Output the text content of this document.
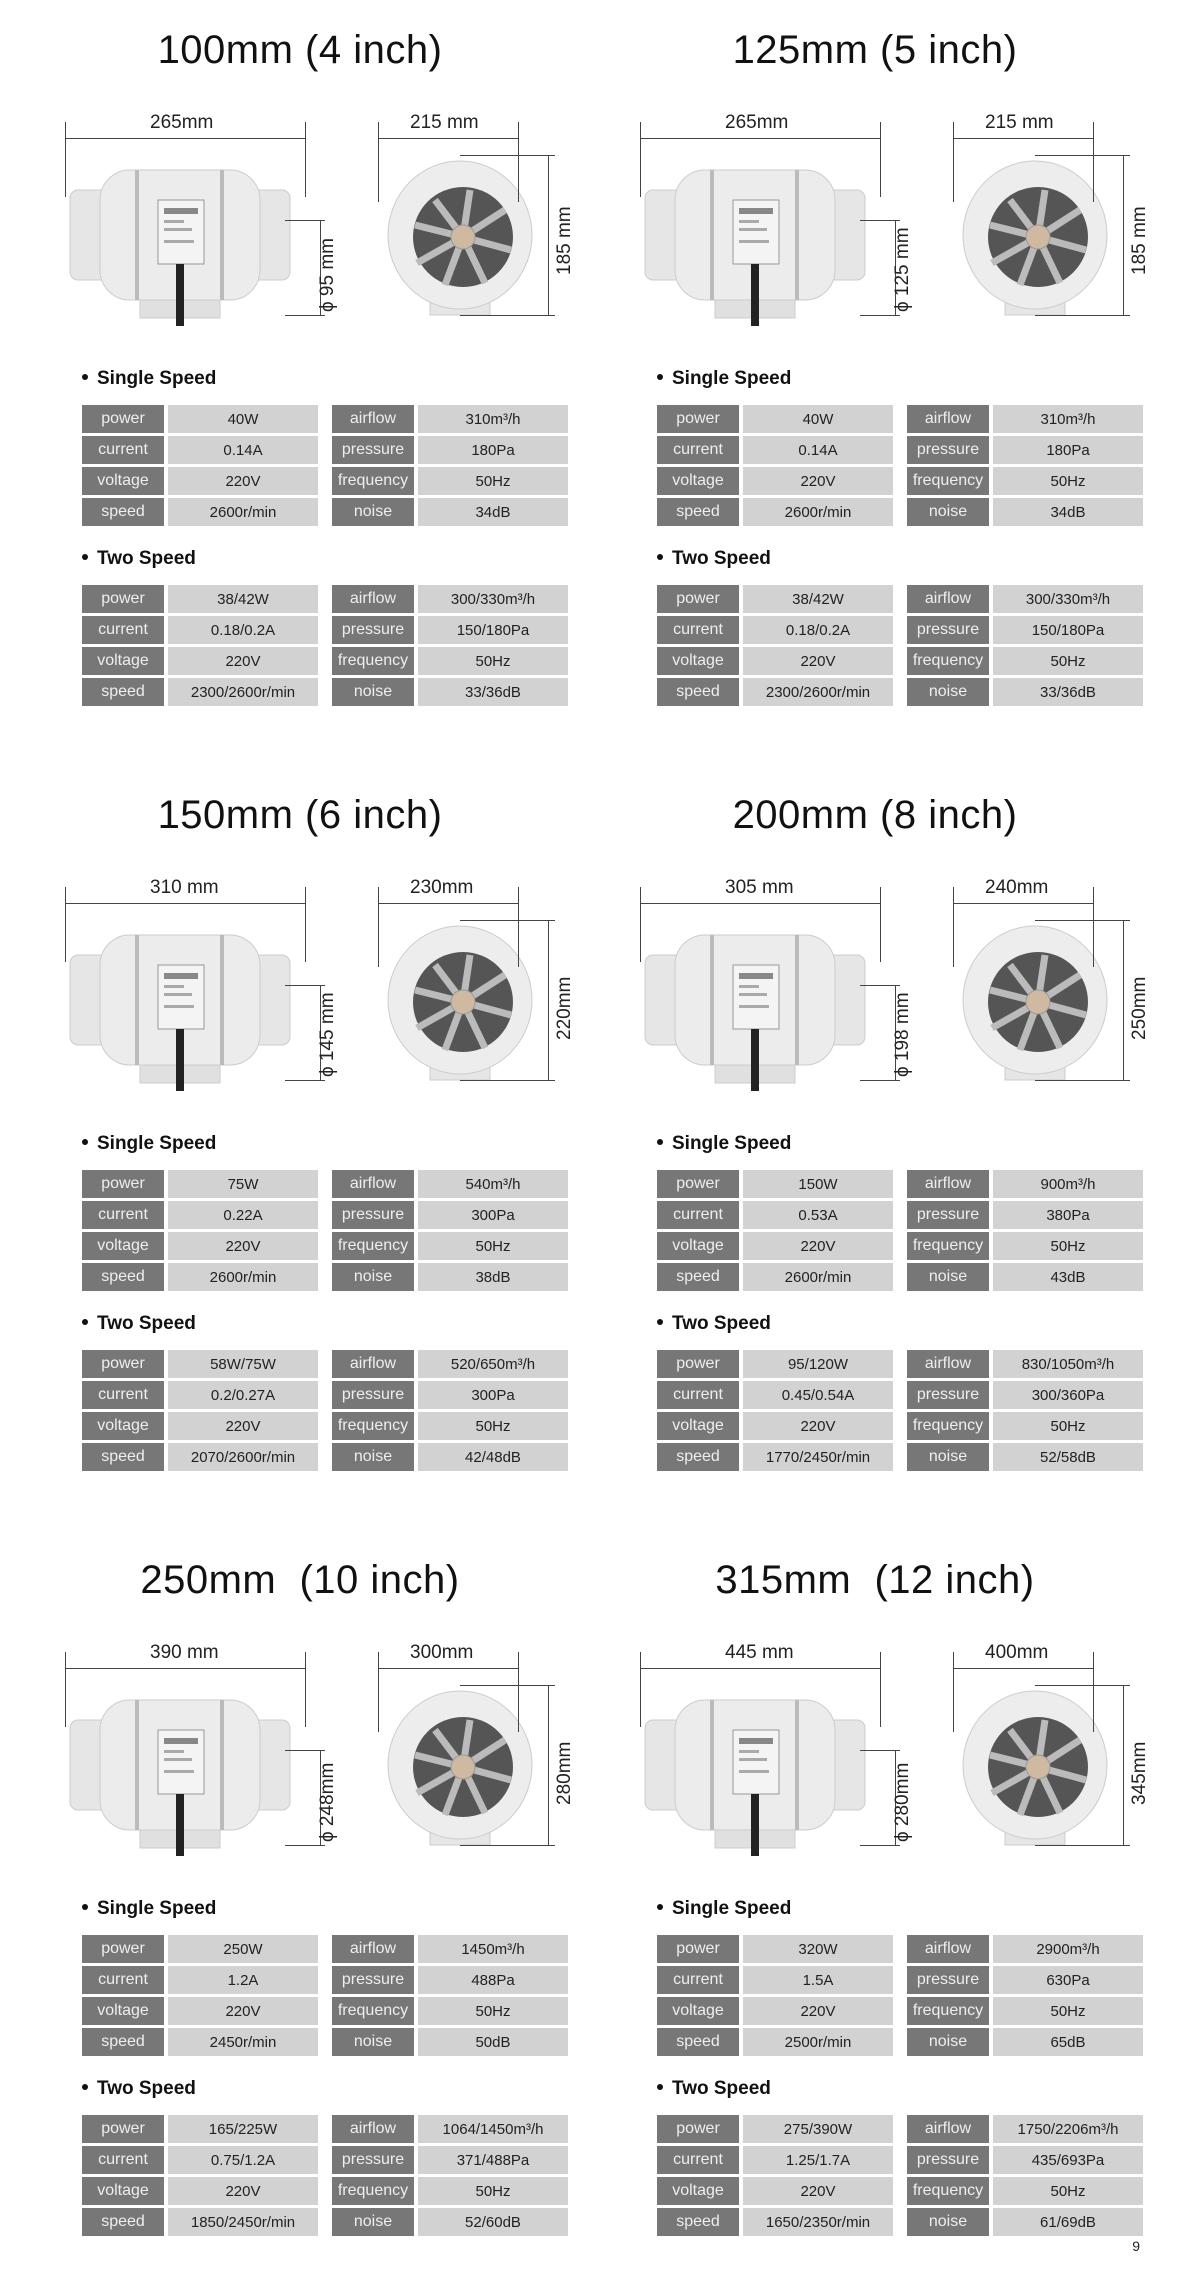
100mm (4 inch)
265mm
ϕ 95 mm
215 mm
185 mm
Single Speed
power	40W
current	0.14A
voltage	220V
speed	2600r/min
airflow	310m³/h
pressure	180Pa
frequency	50Hz
noise	34dB
Two Speed
power	38/42W
current	0.18/0.2A
voltage	220V
speed	2300/2600r/min
airflow	300/330m³/h
pressure	150/180Pa
frequency	50Hz
noise	33/36dB
125mm (5 inch)
265mm
ϕ 125 mm
215 mm
185 mm
Single Speed
power	40W
current	0.14A
voltage	220V
speed	2600r/min
airflow	310m³/h
pressure	180Pa
frequency	50Hz
noise	34dB
Two Speed
power	38/42W
current	0.18/0.2A
voltage	220V
speed	2300/2600r/min
airflow	300/330m³/h
pressure	150/180Pa
frequency	50Hz
noise	33/36dB
150mm (6 inch)
310 mm
ϕ 145 mm
230mm
220mm
Single Speed
power	75W
current	0.22A
voltage	220V
speed	2600r/min
airflow	540m³/h
pressure	300Pa
frequency	50Hz
noise	38dB
Two Speed
power	58W/75W
current	0.2/0.27A
voltage	220V
speed	2070/2600r/min
airflow	520/650m³/h
pressure	300Pa
frequency	50Hz
noise	42/48dB
200mm (8 inch)
305 mm
ϕ 198 mm
240mm
250mm
Single Speed
power	150W
current	0.53A
voltage	220V
speed	2600r/min
airflow	900m³/h
pressure	380Pa
frequency	50Hz
noise	43dB
Two Speed
power	95/120W
current	0.45/0.54A
voltage	220V
speed	1770/2450r/min
airflow	830/1050m³/h
pressure	300/360Pa
frequency	50Hz
noise	52/58dB
250mm  (10 inch)
390 mm
ϕ 248mm
300mm
280mm
Single Speed
power	250W
current	1.2A
voltage	220V
speed	2450r/min
airflow	1450m³/h
pressure	488Pa
frequency	50Hz
noise	50dB
Two Speed
power	165/225W
current	0.75/1.2A
voltage	220V
speed	1850/2450r/min
airflow	1064/1450m³/h
pressure	371/488Pa
frequency	50Hz
noise	52/60dB
315mm  (12 inch)
445 mm
ϕ 280mm
400mm
345mm
Single Speed
power	320W
current	1.5A
voltage	220V
speed	2500r/min
airflow	2900m³/h
pressure	630Pa
frequency	50Hz
noise	65dB
Two Speed
power	275/390W
current	1.25/1.7A
voltage	220V
speed	1650/2350r/min
airflow	1750/2206m³/h
pressure	435/693Pa
frequency	50Hz
noise	61/69dB
9
